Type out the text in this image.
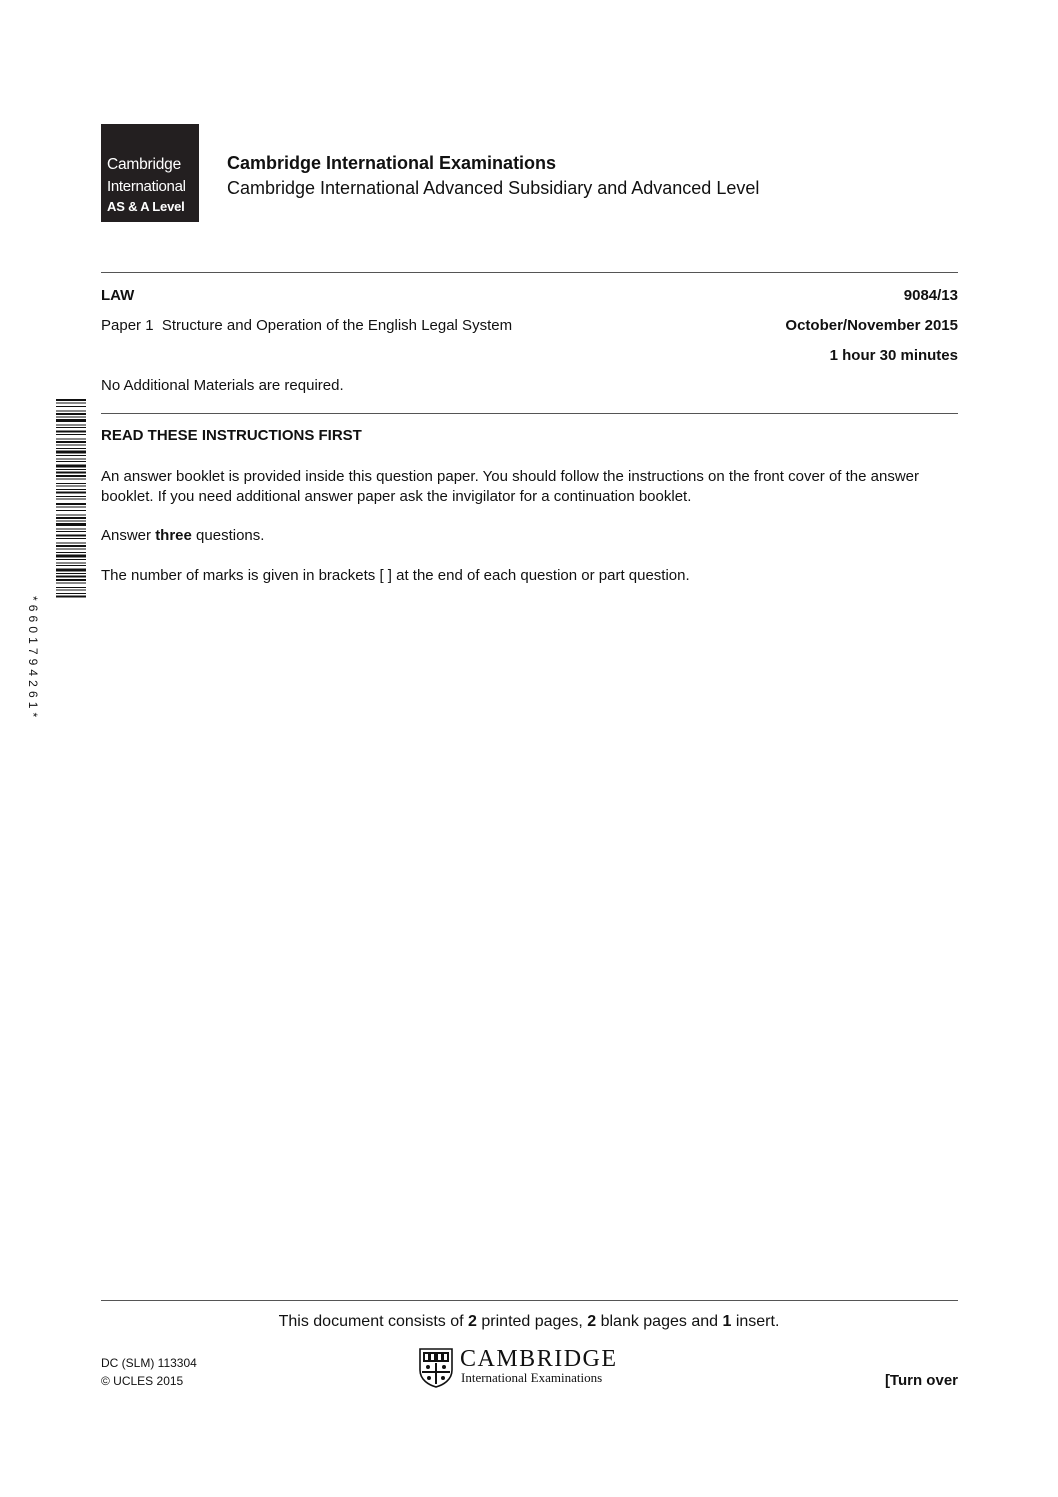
Cambridge
International
AS & A Level
Cambridge International Examinations
Cambridge International Advanced Subsidiary and Advanced Level
LAW	9084/13
Paper 1  Structure and Operation of the English Legal System	October/November 2015
1 hour 30 minutes
No Additional Materials are required.
*6601794261*
READ THESE INSTRUCTIONS FIRST
An answer booklet is provided inside this question paper. You should follow the instructions on the front cover of the answer booklet. If you need additional answer paper ask the invigilator for a continuation booklet.
Answer three questions.
The number of marks is given in brackets [ ] at the end of each question or part question.
This document consists of 2 printed pages, 2 blank pages and 1 insert.
DC (SLM) 113304
© UCLES 2015
CAMBRIDGE
International Examinations	[Turn over
